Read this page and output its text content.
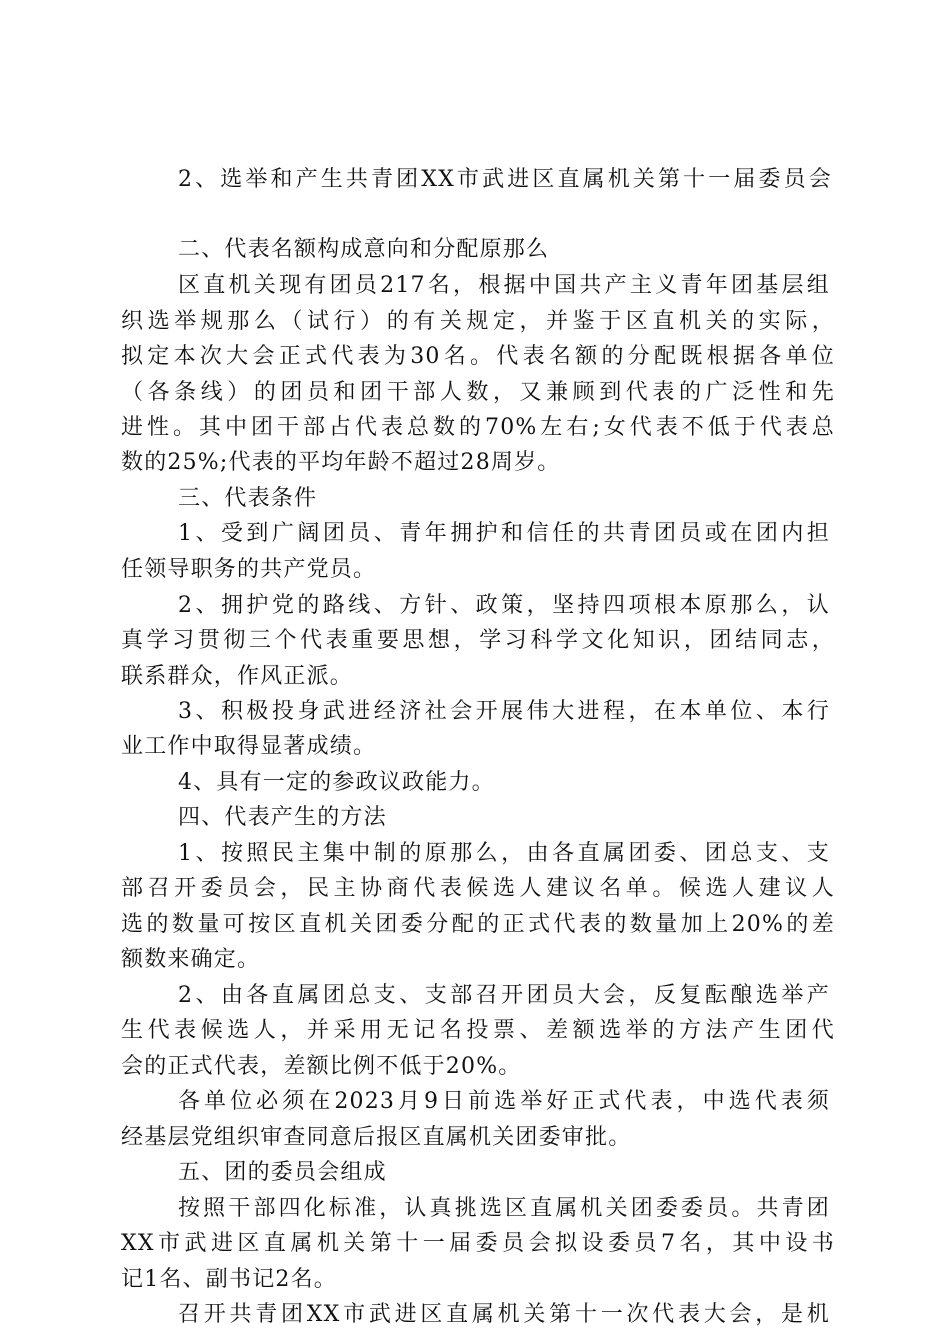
2、选举和产生共青团XX市武进区直属机关第十一届委员会
二、代表名额构成意向和分配原那么
区直机关现有团员217名，根据中国共产主义青年团基层组
织选举规那么（试行）的有关规定，并鉴于区直机关的实际，
拟定本次大会正式代表为30名。代表名额的分配既根据各单位
（各条线）的团员和团干部人数，又兼顾到代表的广泛性和先
进性。其中团干部占代表总数的70%左右;女代表不低于代表总
数的25%;代表的平均年龄不超过28周岁。
三、代表条件
1、受到广阔团员、青年拥护和信任的共青团员或在团内担
任领导职务的共产党员。
2、拥护党的路线、方针、政策，坚持四项根本原那么，认
真学习贯彻三个代表重要思想，学习科学文化知识，团结同志，
联系群众，作风正派。
3、积极投身武进经济社会开展伟大进程，在本单位、本行
业工作中取得显著成绩。
4、具有一定的参政议政能力。
四、代表产生的方法
1、按照民主集中制的原那么，由各直属团委、团总支、支
部召开委员会，民主协商代表候选人建议名单。候选人建议人
选的数量可按区直机关团委分配的正式代表的数量加上20%的差
额数来确定。
2、由各直属团总支、支部召开团员大会，反复酝酿选举产
生代表候选人，并采用无记名投票、差额选举的方法产生团代
会的正式代表，差额比例不低于20%。
各单位必须在2023月9日前选举好正式代表，中选代表须
经基层党组织审查同意后报区直属机关团委审批。
五、团的委员会组成
按照干部四化标准，认真挑选区直属机关团委委员。共青团
XX市武进区直属机关第十一届委员会拟设委员7名，其中设书
记1名、副书记2名。
召开共青团XX市武进区直属机关第十一次代表大会，是机
